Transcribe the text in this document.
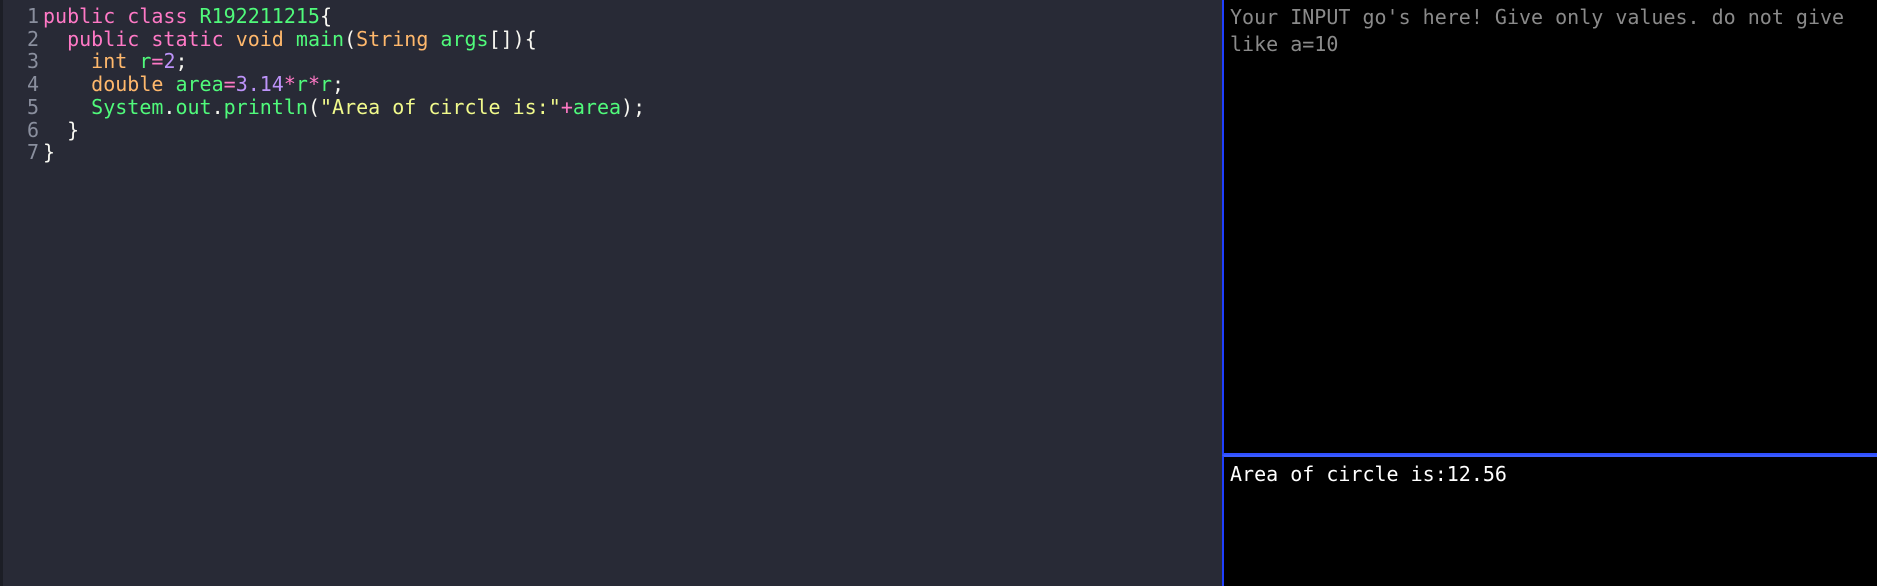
1 public class R192211215{
2 public static void main(String args[]){
3	int r=2;
4	double area=3.14*r*r;
5	System.out.println("Area of circle is:"+area);
6  }
7 }
Your INPUT go's here! Give only values. do not give like a=10
Area of circle is:12.56
